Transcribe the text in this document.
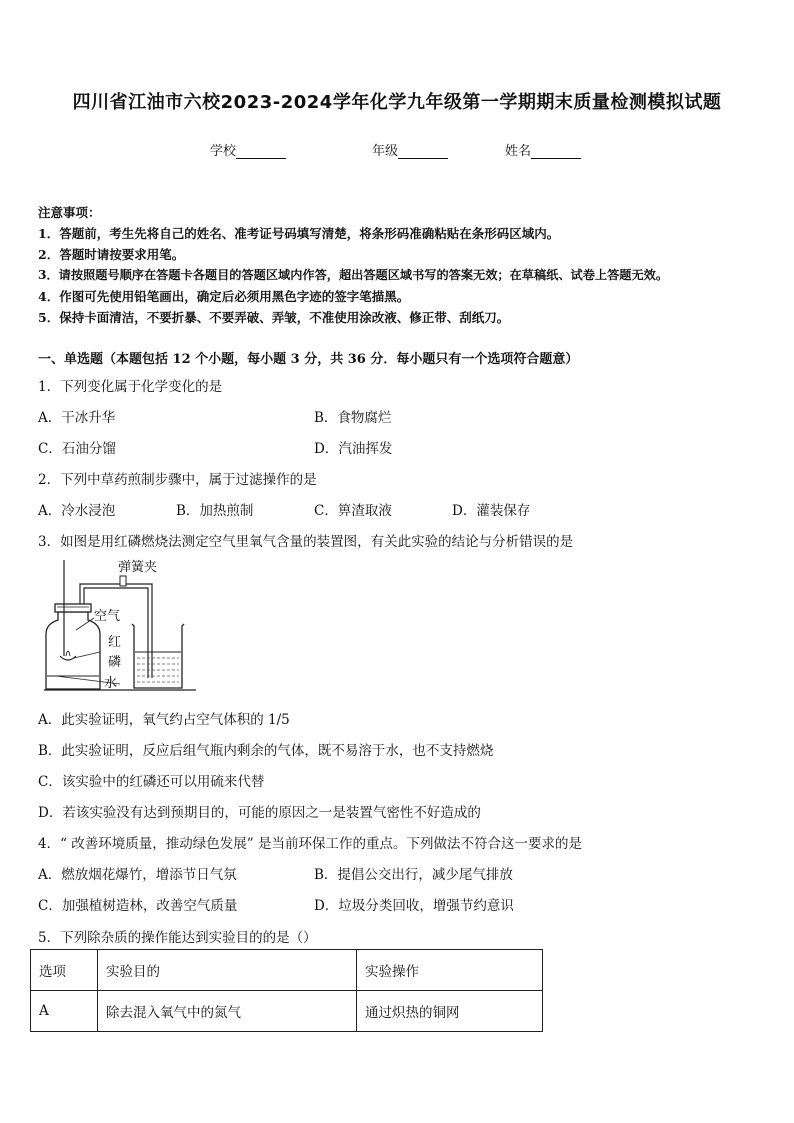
四川省江油市六校2023-2024学年化学九年级第一学期期末质量检测模拟试题
学校	年级	姓名
注意事项：
1．答题前，考生先将自己的姓名、准考证号码填写清楚，将条形码准确粘贴在条形码区域内。
2．答题时请按要求用笔。
3．请按照题号顺序在答题卡各题目的答题区域内作答，超出答题区域书写的答案无效；在草稿纸、试卷上答题无效。
4．作图可先使用铅笔画出，确定后必须用黑色字迹的签字笔描黑。
5．保持卡面清洁，不要折暴、不要弄破、弄皱，不准使用涂改液、修正带、刮纸刀。
一、单选题（本题包括 12 个小题，每小题 3 分，共 36 分．每小题只有一个选项符合题意）
1．下列变化属于化学变化的是
A．干冰升华	B．食物腐烂
C．石油分馏	D．汽油挥发
2．下列中草药煎制步骤中，属于过滤操作的是
A．冷水浸泡	B．加热煎制	C．箅渣取液	D．灌装保存
3．如图是用红磷燃烧法测定空气里氧气含量的装置图，有关此实验的结论与分析错误的是
弹簧夹
空气
红
磷
水
A．此实验证明，氧气约占空气体积的 1/5
B．此实验证明，反应后组气瓶内剩余的气体，既不易溶于水，也不支持燃烧
C．该实验中的红磷还可以用硫来代替
D．若该实验没有达到预期目的，可能的原因之一是装置气密性不好造成的
4．“ 改善环境质量，推动绿色发展” 是当前环保工作的重点。下列做法不符合这一要求的是
A．燃放烟花爆竹，增添节日气氛	B．提倡公交出行，减少尾气排放
C．加强植树造林，改善空气质量	D．垃圾分类回收，增强节约意识
5．下列除杂质的操作能达到实验目的的是（）
选项	实验目的	实验操作
A	除去混入氧气中的氮气	通过炽热的铜网
